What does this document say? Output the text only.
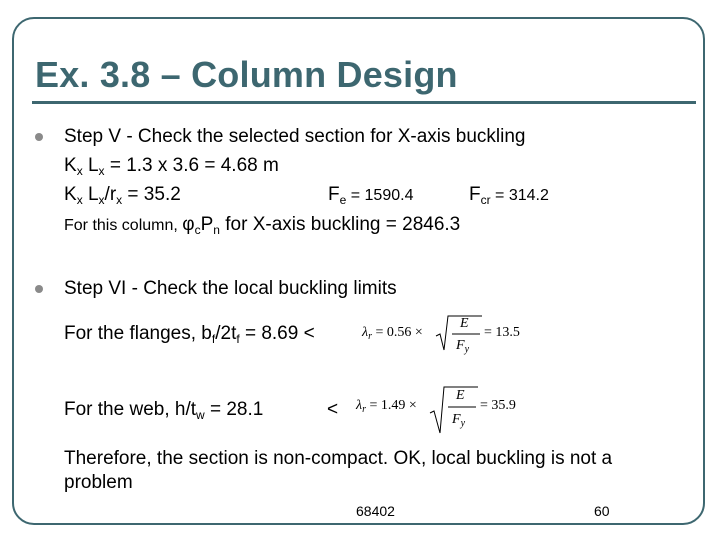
Ex. 3.8 – Column Design
Step V - Check the selected section for X-axis buckling
$K_x$ $L_x = 1.3$ x 3.6 = 4.68 m
$K_x$ $L_x/r_x = 35.2$	$F_e = 1590.4$	$F_{cr} = 314.2$
For this column, $\varphi_cP_n$ for X-axis buckling = 2846.3
Step VI - Check the local buckling limits
For the flanges, $b_f/2t_f = 8.69$ <	$\lambda_r = 0.56$ ×
E
$F_y$
= 13.5
For the web, $h/t_w = 28.1$	< $\lambda_r = 1.49$ ×
E
$F_y$
= 35.9
Therefore, the section is non-compact. OK, local buckling is not a
problem
68402	60
